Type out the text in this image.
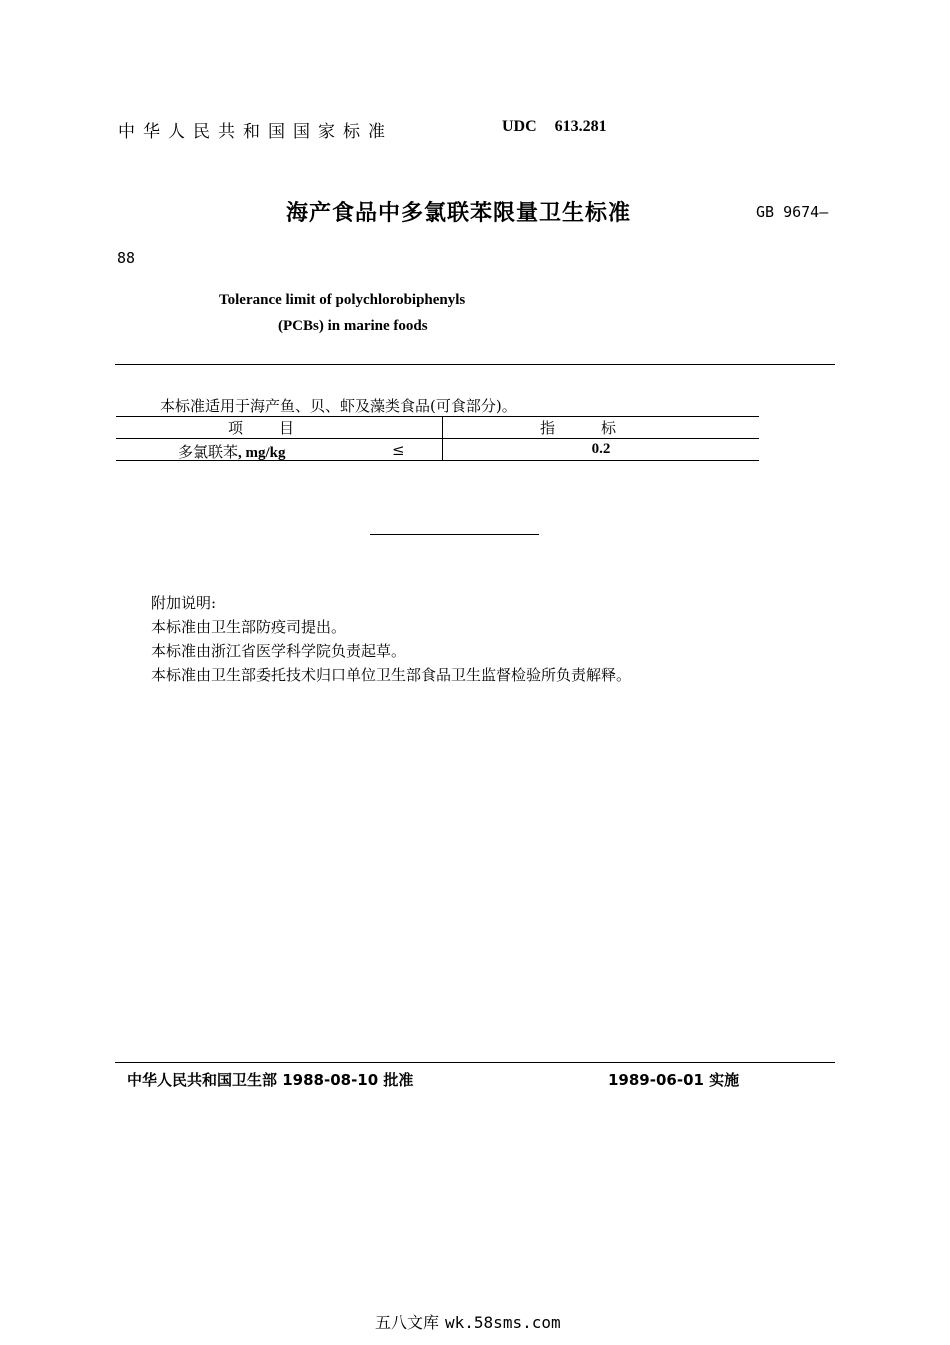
中华人民共和国国家标准	UDC 613.281
海产食品中多氯联苯限量卫生标准	GB 9674—
88
Tolerance limit of polychlorobiphenyls
(PCBs) in marine foods
本标准适用于海产鱼、贝、虾及藻类食品(可食部分)。
项目	指标

多氯联苯, mg/kg ≤	0.2
附加说明:
本标准由卫生部防疫司提出。
本标准由浙江省医学科学院负责起草。
本标准由卫生部委托技术归口单位卫生部食品卫生监督检验所负责解释。
中华人民共和国卫生部 1988-08-10 批准	1989-06-01 实施
五八文库 wk.58sms.com
